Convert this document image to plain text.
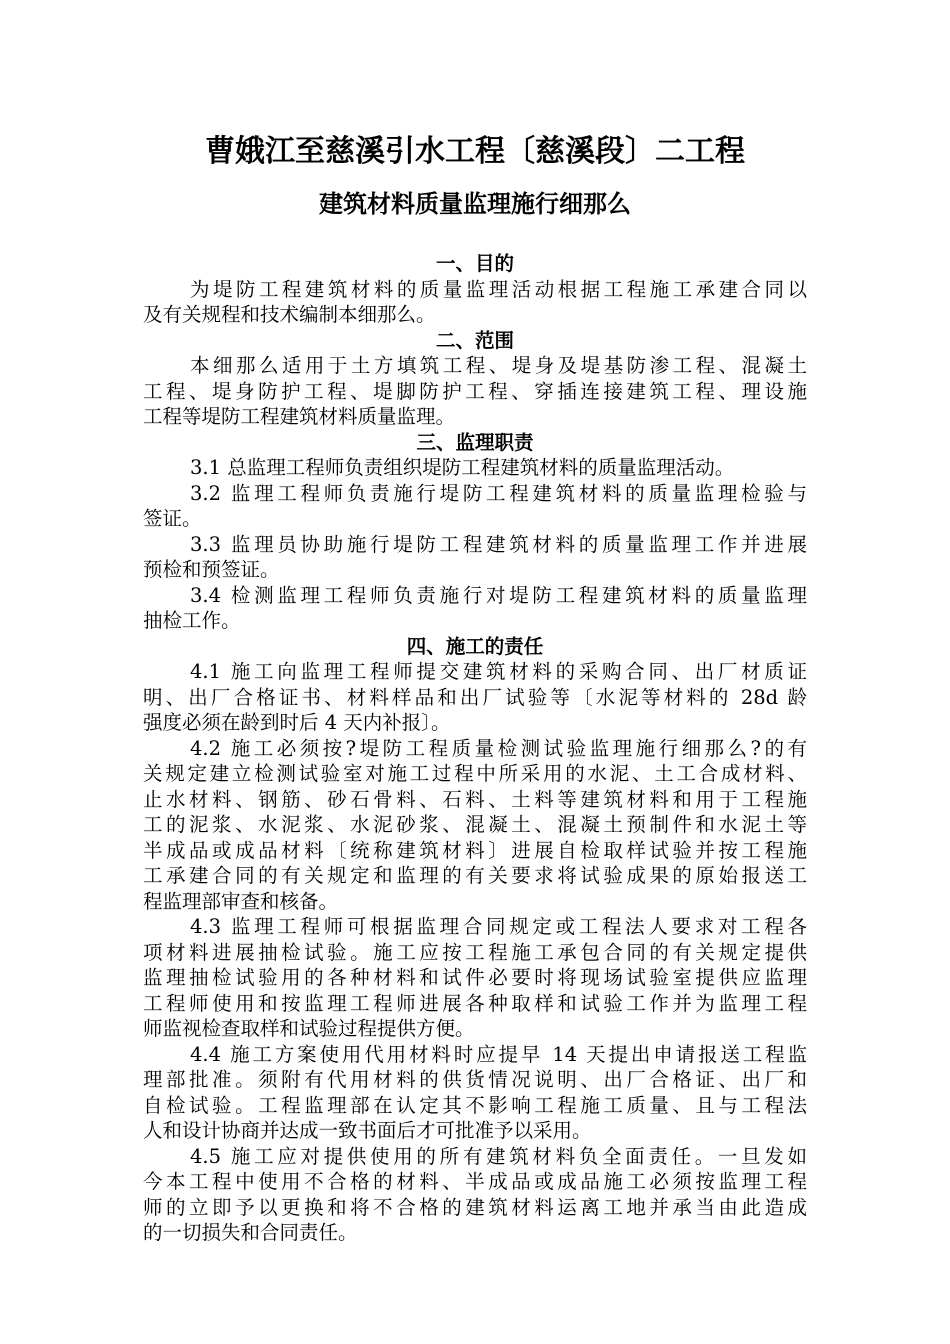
曹娥江至慈溪引水工程〔慈溪段〕二工程
建筑材料质量监理施行细那么
一、目的
为堤防工程建筑材料的质量监理活动根据工程施工承建合同以
及有关规程和技术编制本细那么。
二、范围
本细那么适用于土方填筑工程、堤身及堤基防渗工程、混凝土
工程、堤身防护工程、堤脚防护工程、穿插连接建筑工程、理设施
工程等堤防工程建筑材料质量监理。
三、监理职责
3.1 总监理工程师负责组织堤防工程建筑材料的质量监理活动。
3.2 监理工程师负责施行堤防工程建筑材料的质量监理检验与
签证。
3.3 监理员协助施行堤防工程建筑材料的质量监理工作并进展
预检和预签证。
3.4 检测监理工程师负责施行对堤防工程建筑材料的质量监理
抽检工作。
四、施工的责任
4.1 施工向监理工程师提交建筑材料的采购合同、出厂材质证
明、出厂合格证书、材料样品和出厂试验等〔水泥等材料的 28d 龄
强度必须在龄到时后 4 天内补报〕。
4.2 施工必须按?堤防工程质量检测试验监理施行细那么?的有
关规定建立检测试验室对施工过程中所采用的水泥、土工合成材料、
止水材料、钢筋、砂石骨料、石料、土料等建筑材料和用于工程施
工的泥浆、水泥浆、水泥砂浆、混凝土、混凝土预制件和水泥土等
半成品或成品材料〔统称建筑材料〕进展自检取样试验并按工程施
工承建合同的有关规定和监理的有关要求将试验成果的原始报送工
程监理部审查和核备。
4.3 监理工程师可根据监理合同规定或工程法人要求对工程各
项材料进展抽检试验。施工应按工程施工承包合同的有关规定提供
监理抽检试验用的各种材料和试件必要时将现场试验室提供应监理
工程师使用和按监理工程师进展各种取样和试验工作并为监理工程
师监视检查取样和试验过程提供方便。
4.4 施工方案使用代用材料时应提早 14 天提出申请报送工程监
理部批准。须附有代用材料的供货情况说明、出厂合格证、出厂和
自检试验。工程监理部在认定其不影响工程施工质量、且与工程法
人和设计协商并达成一致书面后才可批准予以采用。
4.5 施工应对提供使用的所有建筑材料负全面责任。一旦发如
今本工程中使用不合格的材料、半成品或成品施工必须按监理工程
师的立即予以更换和将不合格的建筑材料运离工地并承当由此造成
的一切损失和合同责任。
